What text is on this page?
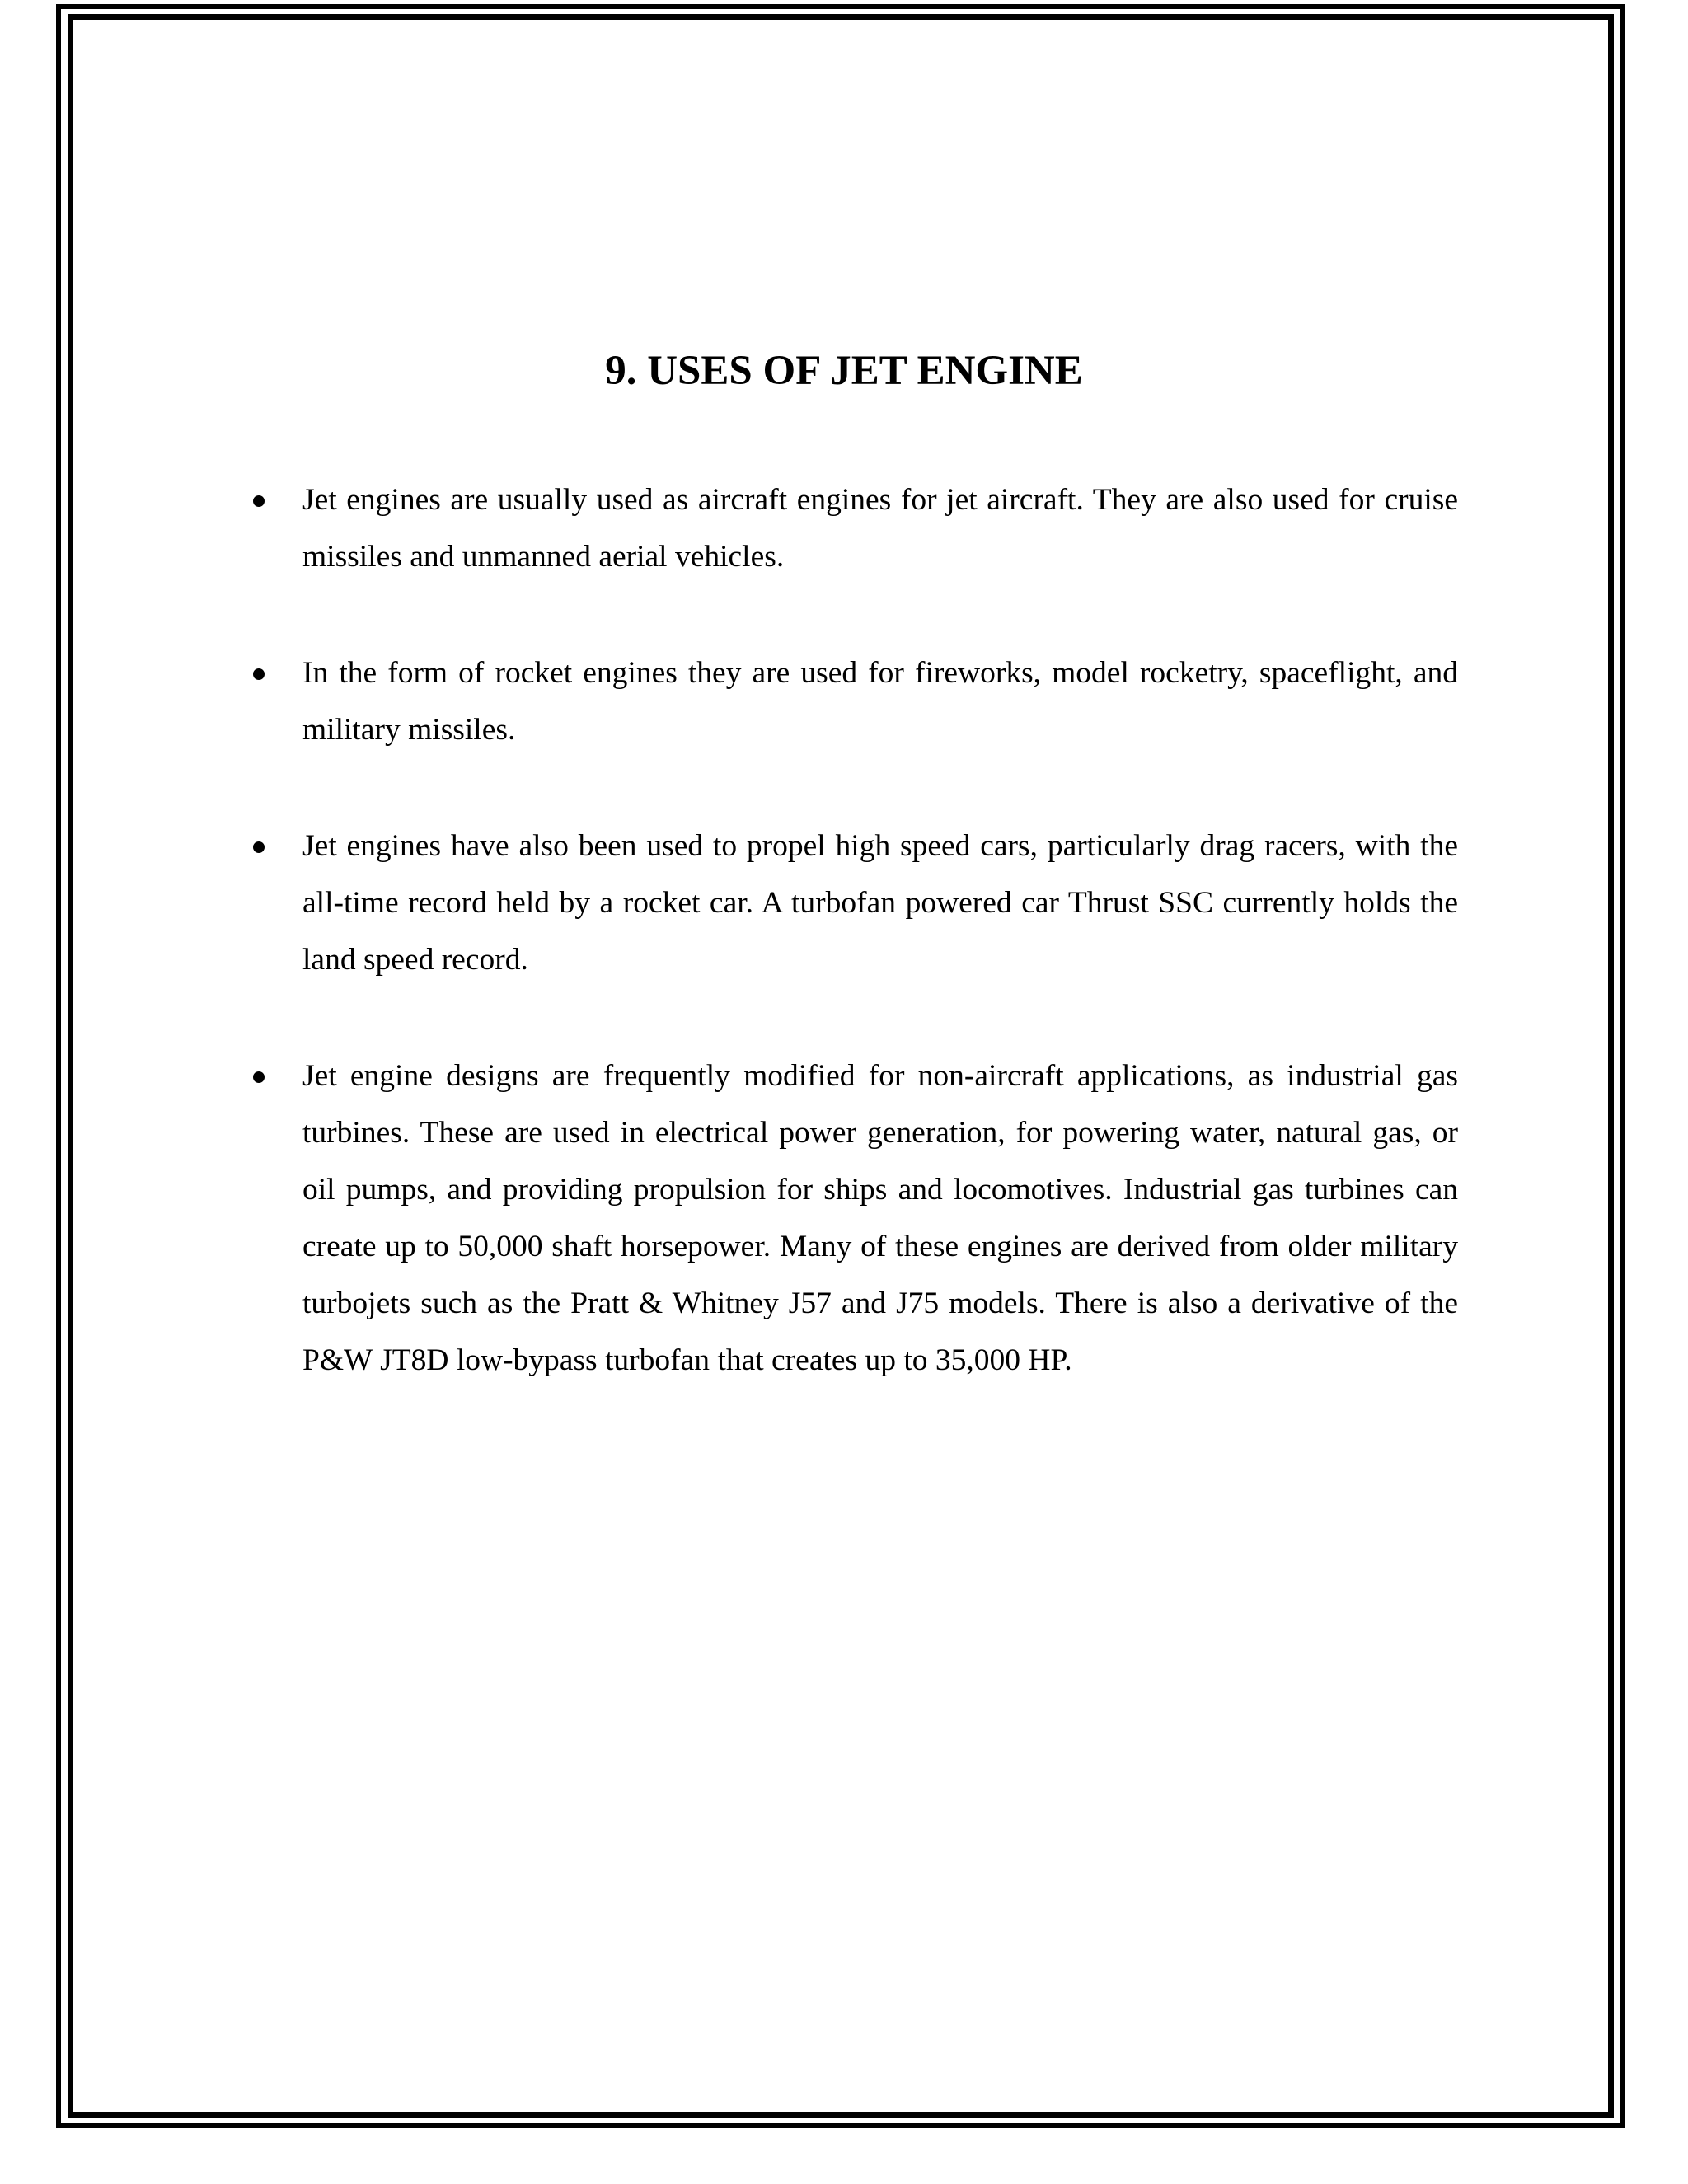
9. USES OF JET ENGINE
Jet engines are usually used as aircraft engines for jet aircraft. They are also used for cruise missiles and unmanned aerial vehicles.
In the form of rocket engines they are used for fireworks, model rocketry, spaceflight, and military missiles.
Jet engines have also been used to propel high speed cars, particularly drag racers, with the all-time record held by a rocket car. A turbofan powered car Thrust SSC currently holds the land speed record.
Jet engine designs are frequently modified for non-aircraft applications, as industrial gas turbines. These are used in electrical power generation, for powering water, natural gas, or oil pumps, and providing propulsion for ships and locomotives. Industrial gas turbines can create up to 50,000 shaft horsepower. Many of these engines are derived from older military turbojets such as the Pratt & Whitney J57 and J75 models. There is also a derivative of the P&W JT8D low-bypass turbofan that creates up to 35,000 HP.
